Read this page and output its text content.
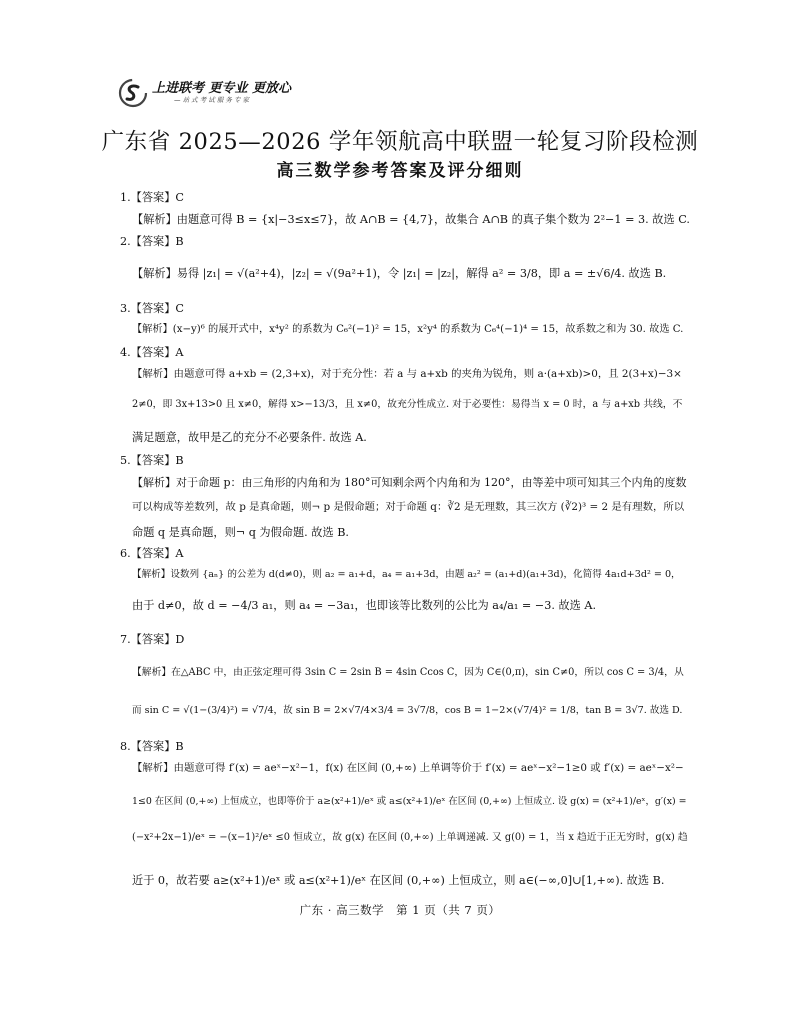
上进联考 更专业 更放心
— 站 式 考 试 服 务 专 家
广东省 2025—2026 学年领航高中联盟一轮复习阶段检测
高三数学参考答案及评分细则
1.【答案】C
【解析】由题意可得 B = {x|−3≤x≤7}，故 A∩B = {4,7}，故集合 A∩B 的真子集个数为 2²−1 = 3. 故选 C.
2.【答案】B
【解析】易得 |z₁| = √(a²+4)，|z₂| = √(9a²+1)，令 |z₁| = |z₂|，解得 a² = 3/8，即 a = ±√6/4. 故选 B.
3.【答案】C
【解析】(x−y)⁶ 的展开式中，x⁴y² 的系数为 C₆²(−1)² = 15，x²y⁴ 的系数为 C₆⁴(−1)⁴ = 15，故系数之和为 30. 故选 C.
4.【答案】A
【解析】由题意可得 a+xb = (2,3+x)，对于充分性：若 a 与 a+xb 的夹角为锐角，则 a·(a+xb)>0，且 2(3+x)−3×
2≠0，即 3x+13>0 且 x≠0，解得 x>−13/3，且 x≠0，故充分性成立. 对于必要性：易得当 x = 0 时，a 与 a+xb 共线，不
满足题意，故甲是乙的充分不必要条件. 故选 A.
5.【答案】B
【解析】对于命题 p：由三角形的内角和为 180°可知剩余两个内角和为 120°，由等差中项可知其三个内角的度数
可以构成等差数列，故 p 是真命题，则¬ p 是假命题；对于命题 q：∛2 是无理数，其三次方 (∛2)³ = 2 是有理数，所以
命题 q 是真命题，则¬ q 为假命题. 故选 B.
6.【答案】A
【解析】设数列 {aₙ} 的公差为 d(d≠0)，则 a₂ = a₁+d，a₄ = a₁+3d，由题 a₂² = (a₁+d)(a₁+3d)，化简得 4a₁d+3d² = 0，
由于 d≠0，故 d = −4/3 a₁，则 a₄ = −3a₁，也即该等比数列的公比为 a₄/a₁ = −3. 故选 A.
7.【答案】D
【解析】在△ABC 中，由正弦定理可得 3sin C = 2sin B = 4sin Ccos C，因为 C∈(0,π)，sin C≠0，所以 cos C = 3/4，从
而 sin C = √(1−(3/4)²) = √7/4，故 sin B = 2×√7/4×3/4 = 3√7/8，cos B = 1−2×(√7/4)² = 1/8，tan B = 3√7. 故选 D.
8.【答案】B
【解析】由题意可得 f′(x) = aeˣ−x²−1，f(x) 在区间 (0,+∞) 上单调等价于 f′(x) = aeˣ−x²−1≥0 或 f′(x) = aeˣ−x²−
1≤0 在区间 (0,+∞) 上恒成立，也即等价于 a≥(x²+1)/eˣ 或 a≤(x²+1)/eˣ 在区间 (0,+∞) 上恒成立. 设 g(x) = (x²+1)/eˣ，g′(x) =
(−x²+2x−1)/eˣ = −(x−1)²/eˣ ≤0 恒成立，故 g(x) 在区间 (0,+∞) 上单调递减. 又 g(0) = 1，当 x 趋近于正无穷时，g(x) 趋
近于 0，故若要 a≥(x²+1)/eˣ 或 a≤(x²+1)/eˣ 在区间 (0,+∞) 上恒成立，则 a∈(−∞,0]∪[1,+∞). 故选 B.
广东 · 高三数学　第 1 页（共 7 页）
